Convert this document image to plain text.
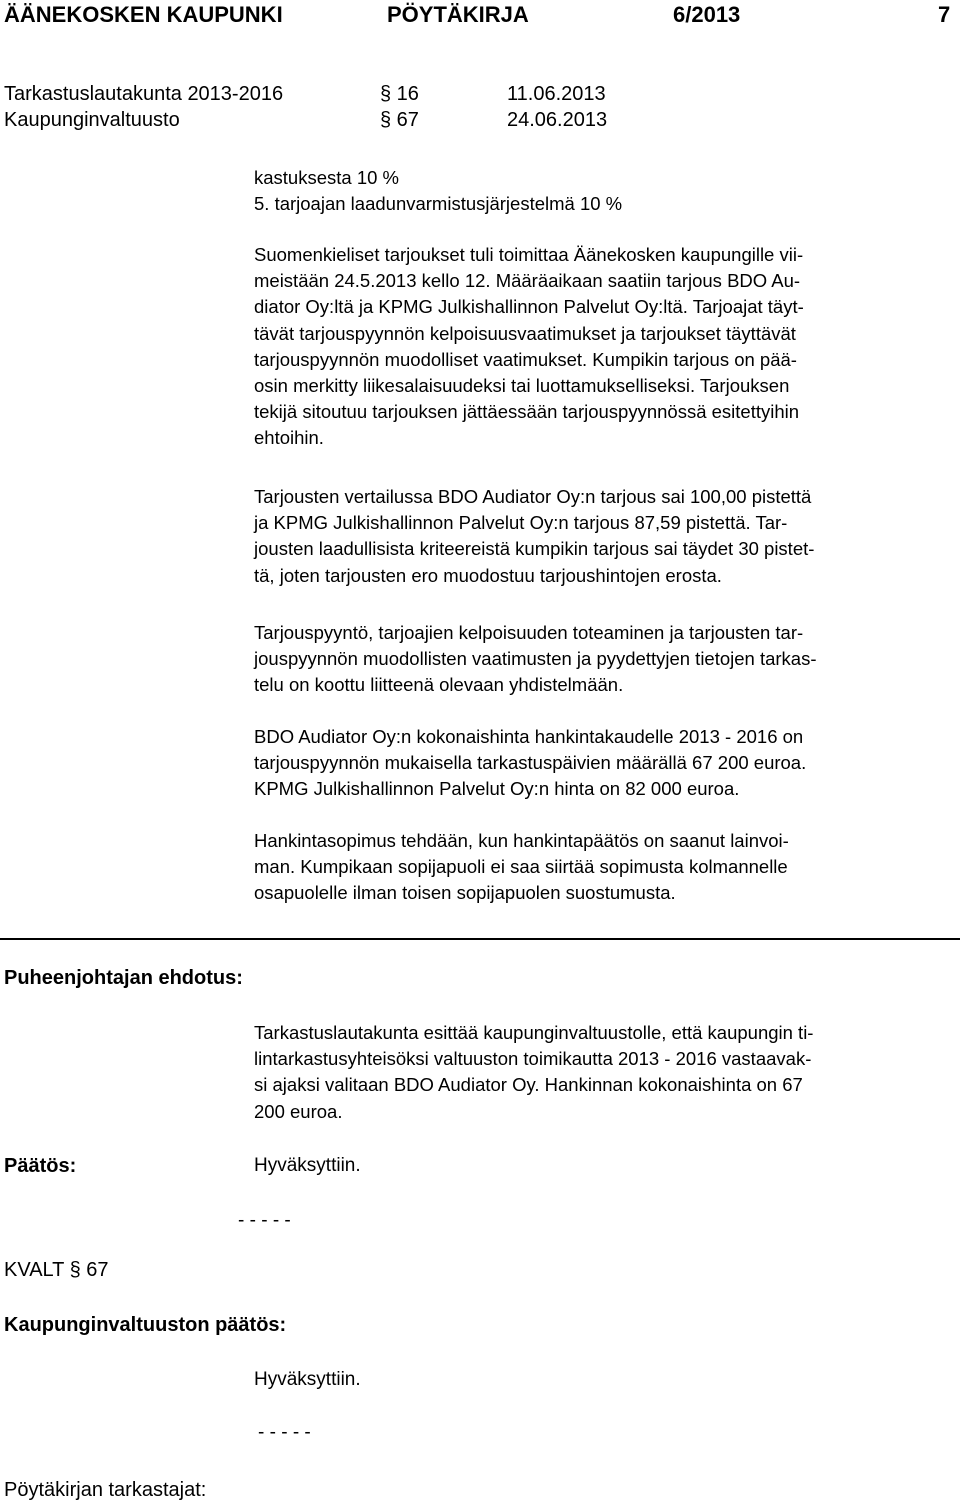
ÄÄNEKOSKEN KAUPUNKI	PÖYTÄKIRJA	6/2013	7
Tarkastuslautakunta 2013-2016	§ 16	11.06.2013
Kaupunginvaltuusto	§ 67	24.06.2013
kastuksesta 10 %
5. tarjoajan laadunvarmistusjärjestelmä 10 %
Suomenkieliset tarjoukset tuli toimittaa Äänekosken kaupungille vii-
meistään 24.5.2013 kello 12. Määräaikaan saatiin tarjous BDO Au-
diator Oy:ltä ja KPMG Julkishallinnon Palvelut Oy:ltä. Tarjoajat täyt-
tävät tarjouspyynnön kelpoisuusvaatimukset ja tarjoukset täyttävät
tarjouspyynnön muodolliset vaatimukset. Kumpikin tarjous on pää-
osin merkitty liikesalaisuudeksi tai luottamukselliseksi. Tarjouksen
tekijä sitoutuu tarjouksen jättäessään tarjouspyynnössä esitettyihin
ehtoihin.
Tarjousten vertailussa BDO Audiator Oy:n tarjous sai 100,00 pistettä
ja KPMG Julkishallinnon Palvelut Oy:n tarjous 87,59 pistettä. Tar-
jousten laadullisista kriteereistä kumpikin tarjous sai täydet 30 pistet-
tä, joten tarjousten ero muodostuu tarjoushintojen erosta.
Tarjouspyyntö, tarjoajien kelpoisuuden toteaminen ja tarjousten tar-
jouspyynnön muodollisten vaatimusten ja pyydettyjen tietojen tarkas-
telu on koottu liitteenä olevaan yhdistelmään.
BDO Audiator Oy:n kokonaishinta hankintakaudelle 2013 - 2016 on
tarjouspyynnön mukaisella tarkastuspäivien määrällä 67 200 euroa.
KPMG Julkishallinnon Palvelut Oy:n hinta on 82 000 euroa.
Hankintasopimus tehdään, kun hankintapäätös on saanut lainvoi-
man. Kumpikaan sopijapuoli ei saa siirtää sopimusta kolmannelle
osapuolelle ilman toisen sopijapuolen suostumusta.
Puheenjohtajan ehdotus:
Tarkastuslautakunta esittää kaupunginvaltuustolle, että kaupungin ti-
lintarkastusyhteisöksi valtuuston toimikautta 2013 - 2016 vastaavak-
si ajaksi valitaan BDO Audiator Oy. Hankinnan kokonaishinta on 67
200 euroa.
Päätös:	Hyväksyttiin.
- - - - -
KVALT § 67
Kaupunginvaltuuston päätös:
Hyväksyttiin.
- - - - -
Pöytäkirjan tarkastajat:
